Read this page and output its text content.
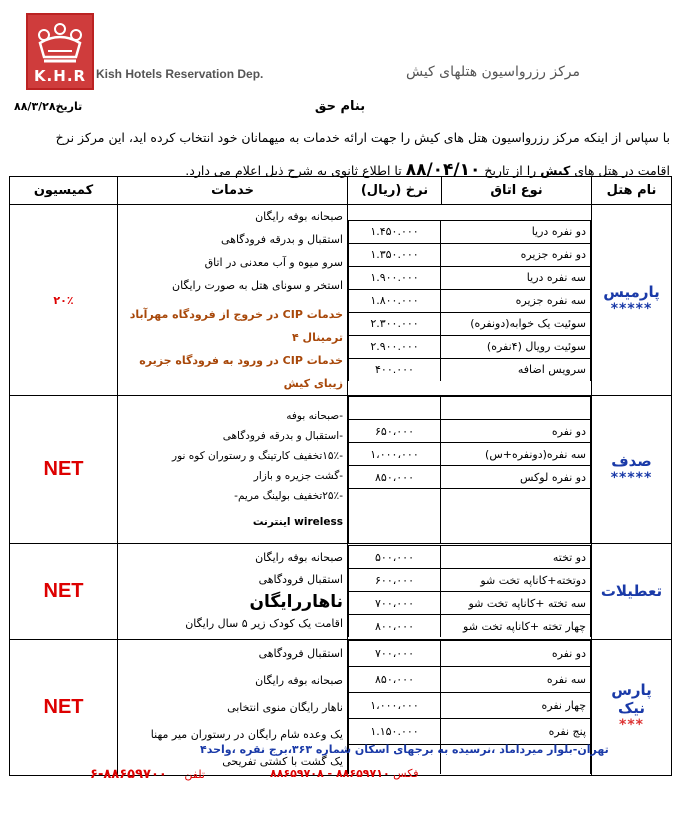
K.H.R Kish Hotels Reservation Dep.	مرکز رزرواسیون هتلهای کیش
تاریخ۸۸/۳/۲۸	بنام حق
با سپاس از اینکه مرکز رزرواسیون هتل های کیش را جهت ارائه خدمات به میهمانان خود انتخاب کرده اید، این مرکز نرخ
اقامت در هتل های کیش را از تاریخ ۸۸/۰۴/۱۰ تا اطلاع ثانوی به شرح ذیل اعلام می دارد.
نام هتل	نوع اتاق	نرخ (ریال)	خدمات	کمیسیون

پارمیس
*****

دو نفره دریا	۱.۴۵۰.۰۰۰
دو نفره جزیره	۱.۳۵۰.۰۰۰
سه نفره دریا	۱.۹۰۰.۰۰۰
سه نفره جزیره	۱.۸۰۰.۰۰۰
سوئیت یک خوابه(دونفره)	۲.۳۰۰.۰۰۰
سوئیت رویال (۴نفره)	۲.۹۰۰.۰۰۰
سرویس اضافه	۴۰۰.۰۰۰

صبحانه بوفه رایگان
استقبال و بدرقه فرودگاهی
سرو میوه و آب معدنی در اتاق
استخر و سونای هتل به صورت رایگان
خدمات CIP در خروج از فرودگاه مهرآباد ترمینال ۴
خدمات CIP در ورود به فرودگاه جزیره زیبای کیش
	۲۰٪

صدف
*****

دو نفره	۶۵۰،۰۰۰
سه نفره(دونفره+س)	۱،۰۰۰،۰۰۰
دو نفره لوکس	۸۵۰،۰۰۰

-صبحانه بوفه
-استقبال و بدرقه فرودگاهی
-۱۵٪تخفیف کارتینگ و رستوران کوه نور
-گشت جزیره و بازار
-۲۵٪تخفیف بولینگ مریم-
wireless اینترنت
	NET

تعطیلات

دو تخته	۵۰۰،۰۰۰
دوتخته+کاناپه تخت شو	۶۰۰،۰۰۰
سه تخته +کاناپه تخت شو	۷۰۰،۰۰۰
چهار تخته +کاناپه تخت شو	۸۰۰،۰۰۰

صبحانه بوفه رایگان
استقبال فرودگاهی
ناهاررایگان
اقامت یک کودک زیر ۵ سال رایگان
	NET

پارس نیک
***

دو نفره	۷۰۰،۰۰۰
سه نفره	۸۵۰،۰۰۰
چهار نفره	۱،۰۰۰،۰۰۰
پنج نفره	۱.۱۵۰.۰۰۰

استقبال فرودگاهی
صبحانه بوفه رایگان
ناهار رایگان منوی انتخابی
یک وعده شام رایگان در رستوران میر مهنا
یک گشت با کشتی تفریحی
	NET
تهران-بلوار میرداماد ،نرسیده به برجهای اسکان شماره ۳۶۳،برج نقره ،واحد۴
فکس ۸۸۶۵۹۷۱۰ - ۸۸۶۵۹۷۰۸
تلفن     ۸۸۶۵۹۷۰۰-۶
